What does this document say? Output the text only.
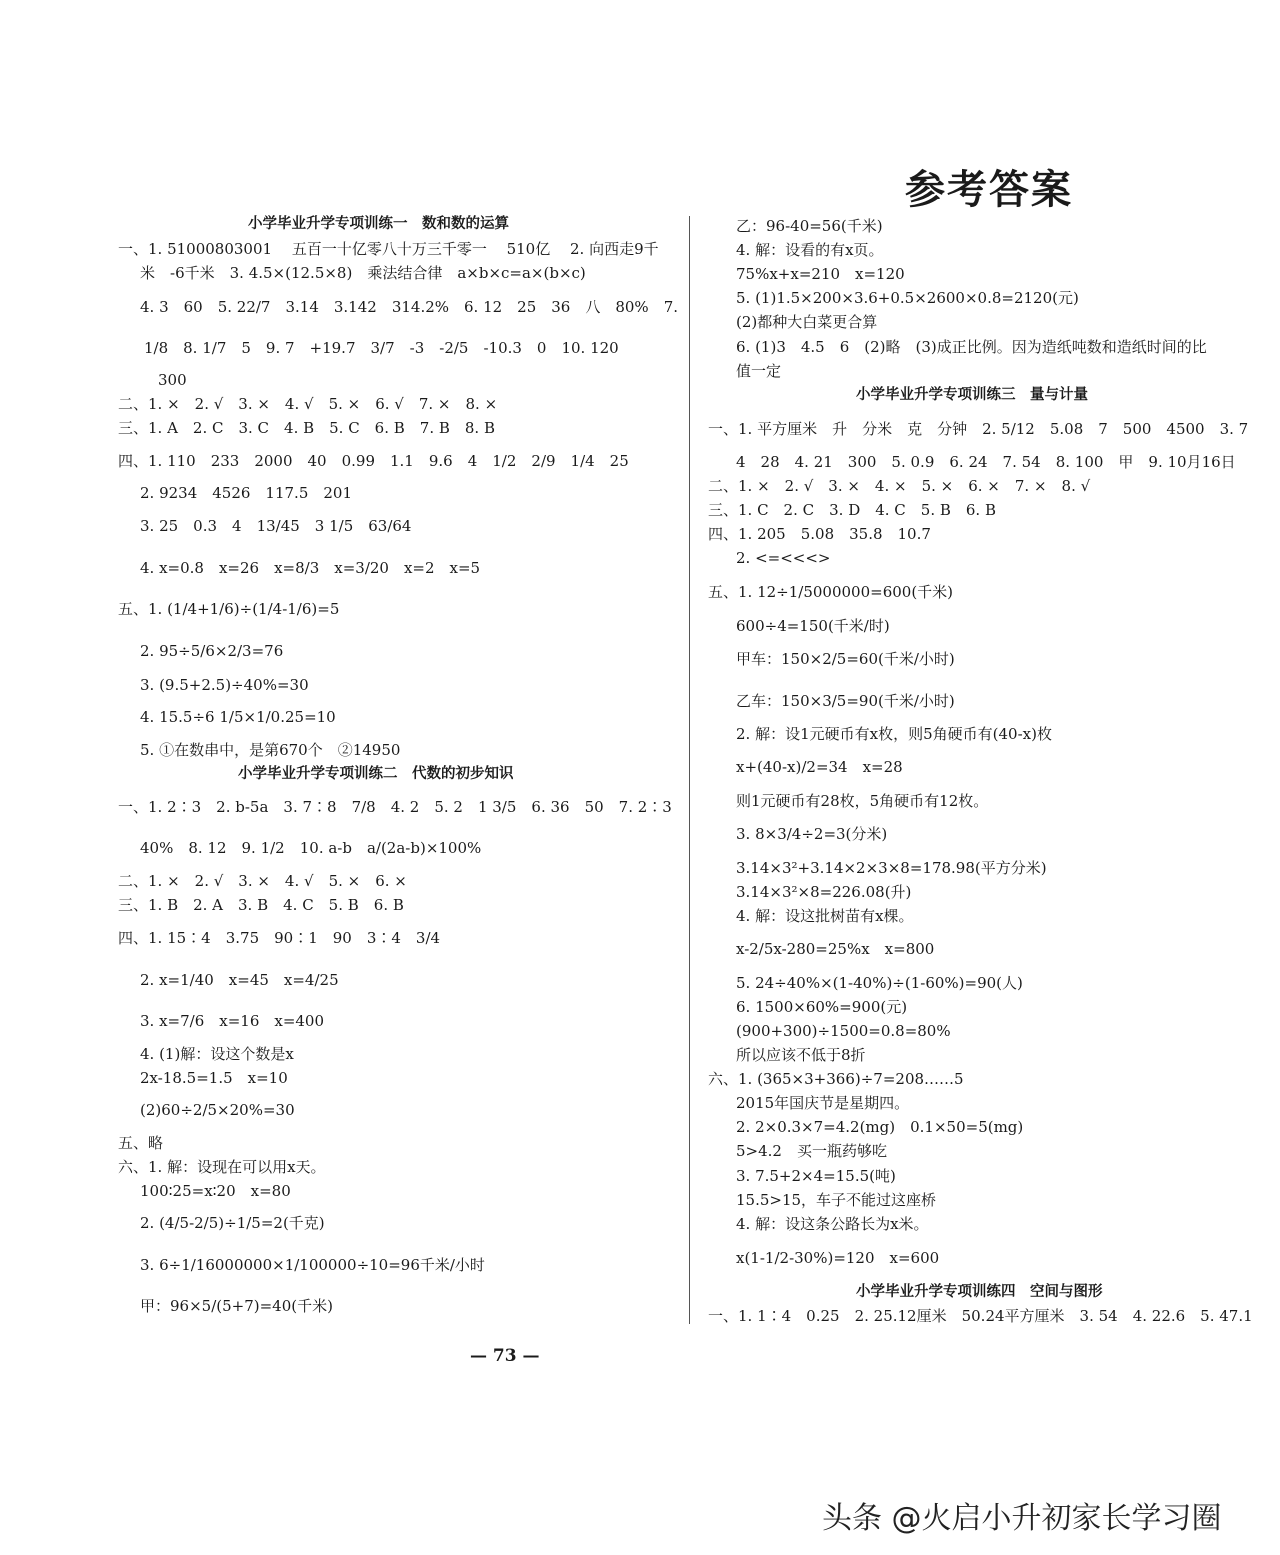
参考答案
小学毕业升学专项训练一　数和数的运算
一、1. 51000803001　 五百一十亿零八十万三千零一　 510亿　 2. 向西走9千
米　-6千米　3. 4.5×(12.5×8)　乘法结合律　a×b×c=a×(b×c)
4. 3　60　5. 22/7　3.14　3.142　314.2%　6. 12　25　36　八　80%　7.
1/8　8. 1/7　5　9. 7　+19.7　3/7　-3　-2/5　-10.3　0　10. 120
300
二、1. ×　2. √　3. ×　4. √　5. ×　6. √　7. ×　8. ×
三、1. A　2. C　3. C　4. B　5. C　6. B　7. B　8. B
四、1. 110　233　2000　40　0.99　1.1　9.6　4　1/2　2/9　1/4　25
2. 9234　4526　117.5　201
3. 25　0.3　4　13/45　3 1/5　63/64
4. x=0.8　x=26　x=8/3　x=3/20　x=2　x=5
五、1. (1/4+1/6)÷(1/4-1/6)=5
2. 95÷5/6×2/3=76
3. (9.5+2.5)÷40%=30
4. 15.5÷6 1/5×1/0.25=10
5. ①在数串中，是第670个　②14950
小学毕业升学专项训练二　代数的初步知识
一、1. 2∶3　2. b-5a　3. 7∶8　7/8　4. 2　5. 2　1 3/5　6. 36　50　7. 2∶3
40%　8. 12　9. 1/2　10. a-b　a/(2a-b)×100%
二、1. ×　2. √　3. ×　4. √　5. ×　6. ×
三、1. B　2. A　3. B　4. C　5. B　6. B
四、1. 15∶4　3.75　90∶1　90　3∶4　3/4
2. x=1/40　x=45　x=4/25
3. x=7/6　x=16　x=400
4. (1)解：设这个数是x
2x-18.5=1.5　x=10
(2)60÷2/5×20%=30
五、略
六、1. 解：设现在可以用x天。
100∶25=x∶20　x=80
2. (4/5-2/5)÷1/5=2(千克)
3. 6÷1/16000000×1/100000÷10=96千米/小时
甲：96×5/(5+7)=40(千米)
乙：96-40=56(千米)
4. 解：设看的有x页。
75%x+x=210　x=120
5. (1)1.5×200×3.6+0.5×2600×0.8=2120(元)
(2)都种大白菜更合算
6. (1)3　4.5　6　(2)略　(3)成正比例。因为造纸吨数和造纸时间的比
值一定
小学毕业升学专项训练三　量与计量
一、1. 平方厘米　升　分米　克　分钟　2. 5/12　5.08　7　500　4500　3. 7
4　28　4. 21　300　5. 0.9　6. 24　7. 54　8. 100　甲　9. 10月16日
二、1. ×　2. √　3. ×　4. ×　5. ×　6. ×　7. ×　8. √
三、1. C　2. C　3. D　4. C　5. B　6. B
四、1. 205　5.08　35.8　10.7
2. <=<<<>
五、1. 12÷1/5000000=600(千米)
600÷4=150(千米/时)
甲车：150×2/5=60(千米/小时)
乙车：150×3/5=90(千米/小时)
2. 解：设1元硬币有x枚，则5角硬币有(40-x)枚
x+(40-x)/2=34　x=28
则1元硬币有28枚，5角硬币有12枚。
3. 8×3/4÷2=3(分米)
3.14×3²+3.14×2×3×8=178.98(平方分米)
3.14×3²×8=226.08(升)
4. 解：设这批树苗有x棵。
x-2/5x-280=25%x　x=800
5. 24÷40%×(1-40%)÷(1-60%)=90(人)
6. 1500×60%=900(元)
(900+300)÷1500=0.8=80%
所以应该不低于8折
六、1. (365×3+366)÷7=208……5
2015年国庆节是星期四。
2. 2×0.3×7=4.2(mg)　0.1×50=5(mg)
5>4.2　买一瓶药够吃
3. 7.5+2×4=15.5(吨)
15.5>15，车子不能过这座桥
4. 解：设这条公路长为x米。
x(1-1/2-30%)=120　x=600
小学毕业升学专项训练四　空间与图形
一、1. 1∶4　0.25　2. 25.12厘米　50.24平方厘米　3. 54　4. 22.6　5. 47.1
— 73 —
头条 @火启小升初家长学习圈
